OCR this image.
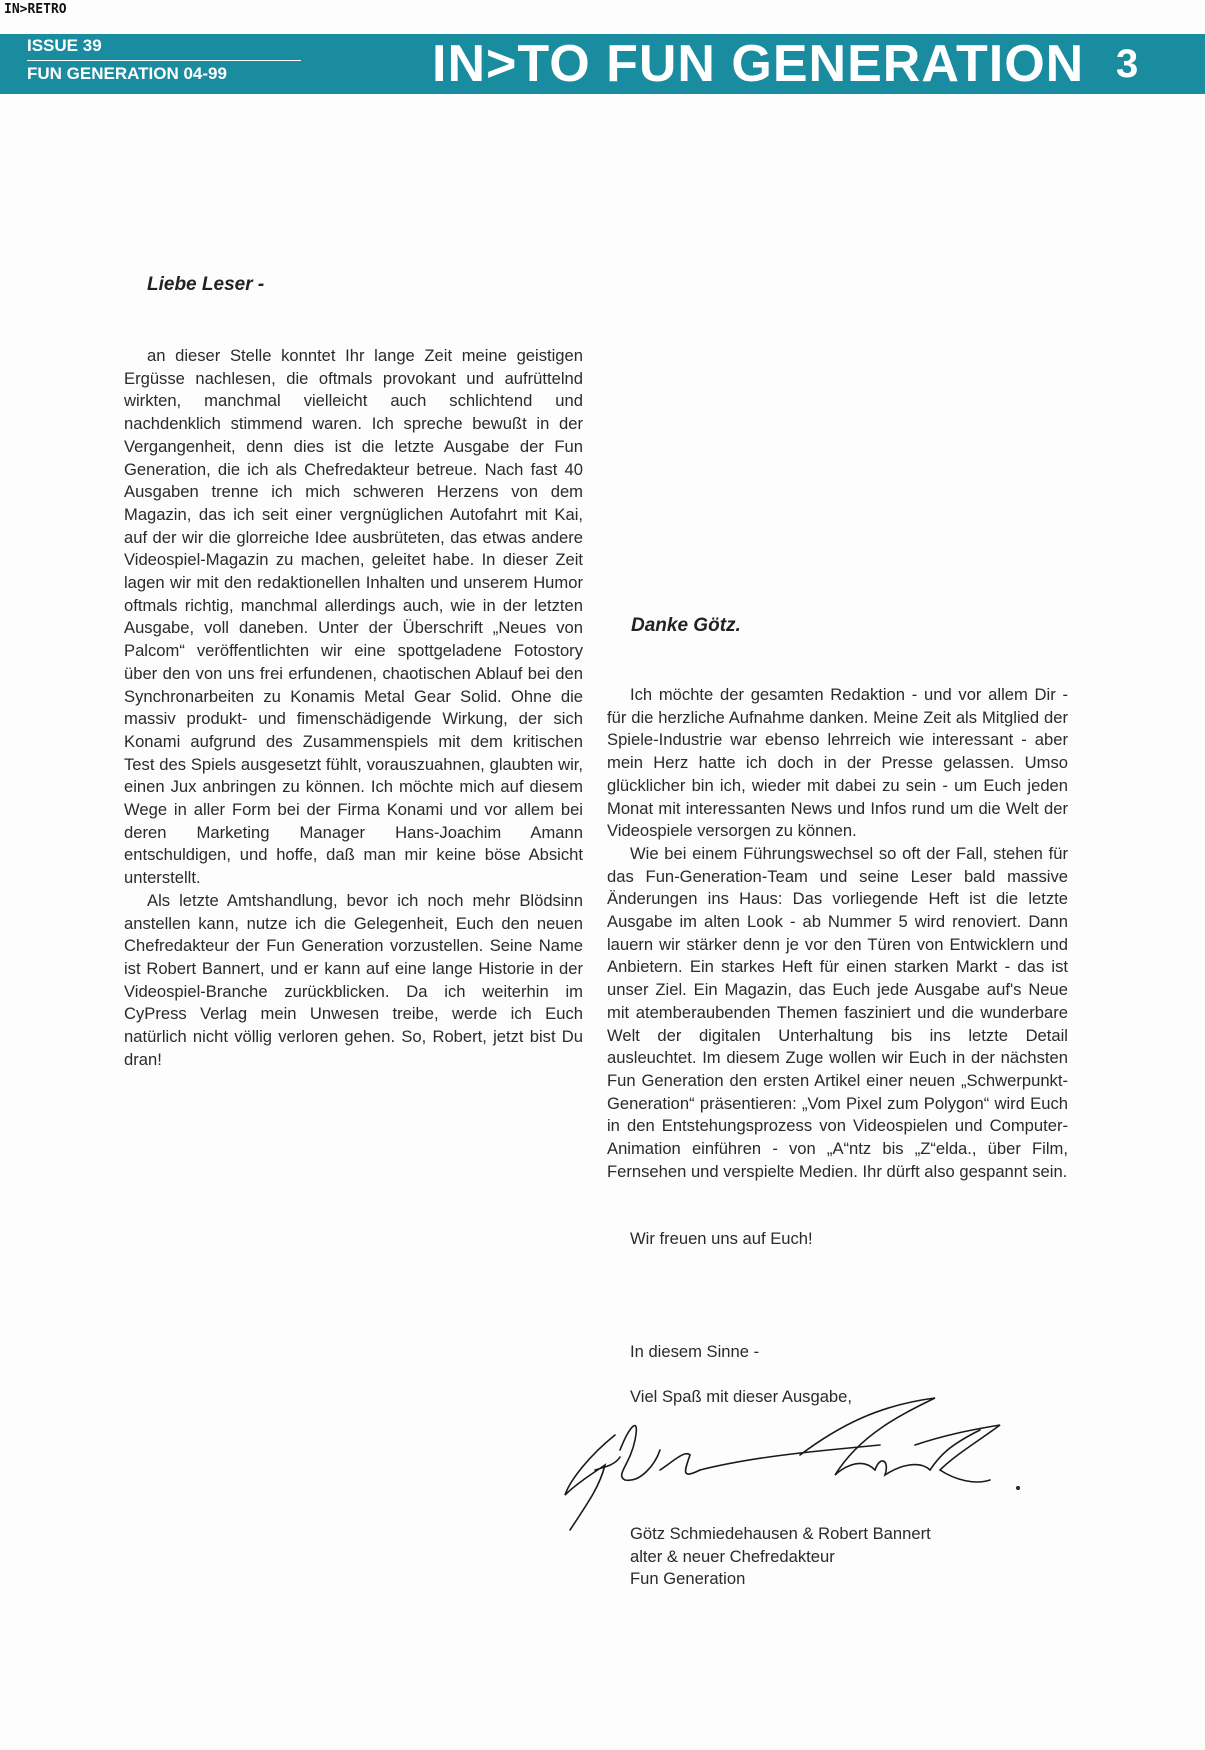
IN>RETRO
ISSUE 39
FUN GENERATION 04-99	IN>TO FUN GENERATION 3
Liebe Leser -

an dieser Stelle konntet Ihr lange Zeit meine geistigen Ergüsse nachlesen, die oftmals provokant und aufrüttelnd wirkten, manchmal vielleicht auch schlichtend und nachdenklich stimmend waren. Ich spreche bewußt in der Vergangenheit, denn dies ist die letzte Ausgabe der Fun Generation, die ich als Chefredakteur betreue. Nach fast 40 Ausgaben trenne ich mich schweren Herzens von dem Magazin, das ich seit einer vergnüglichen Autofahrt mit Kai, auf der wir die glorreiche Idee ausbrüteten, das etwas andere Videospiel-Magazin zu machen, geleitet habe. In dieser Zeit lagen wir mit den redaktionellen Inhalten und unserem Humor oftmals richtig, manchmal allerdings auch, wie in der letzten Ausgabe, voll daneben. Unter der Überschrift „Neues von Palcom“ veröffentlichten wir eine spottgeladene Fotostory über den von uns frei erfundenen, chaotischen Ablauf bei den Synchronarbeiten zu Konamis Metal Gear Solid. Ohne die massiv produkt- und fimenschädigende Wirkung, der sich Konami aufgrund des Zusammenspiels mit dem kritischen Test des Spiels ausgesetzt fühlt, vorauszuahnen, glaubten wir, einen Jux anbringen zu können. Ich möchte mich auf diesem Wege in aller Form bei der Firma Konami und vor allem bei deren Marketing Manager Hans-Joachim Amann entschuldigen, und hoffe, daß man mir keine böse Absicht unterstellt.

Als letzte Amtshandlung, bevor ich noch mehr Blödsinn anstellen kann, nutze ich die Gelegenheit, Euch den neuen Chefredakteur der Fun Generation vorzustellen. Seine Name ist Robert Bannert, und er kann auf eine lange Historie in der Videospiel-Branche zurückblicken. Da ich weiterhin im CyPress Verlag mein Unwesen treibe, werde ich Euch natürlich nicht völlig verloren gehen. So, Robert, jetzt bist Du dran!

Danke Götz.

Ich möchte der gesamten Redaktion - und vor allem Dir - für die herzliche Aufnahme danken. Meine Zeit als Mitglied der Spiele-Industrie war ebenso lehrreich wie interessant - aber mein Herz hatte ich doch in der Presse gelassen. Umso glücklicher bin ich, wieder mit dabei zu sein - um Euch jeden Monat mit interessanten News und Infos rund um die Welt der Videospiele versorgen zu können.

Wie bei einem Führungswechsel so oft der Fall, stehen für das Fun-Generation-Team und seine Leser bald massive Änderungen ins Haus: Das vorliegende Heft ist die letzte Ausgabe im alten Look - ab Nummer 5 wird renoviert. Dann lauern wir stärker denn je vor den Türen von Entwicklern und Anbietern. Ein starkes Heft für einen starken Markt - das ist unser Ziel. Ein Magazin, das Euch jede Ausgabe auf's Neue mit atemberaubenden Themen fasziniert und die wunderbare Welt der digitalen Unterhaltung bis ins letzte Detail ausleuchtet. Im diesem Zuge wollen wir Euch in der nächsten Fun Generation den ersten Artikel einer neuen „Schwerpunkt-Generation“ präsentieren: „Vom Pixel zum Polygon“ wird Euch in den Entstehungsprozess von Videospielen und Computer-Animation einführen - von „A“ntz bis „Z“elda., über Film, Fernsehen und verspielte Medien. Ihr dürft also gespannt sein.

Wir freuen uns auf Euch!
In diesem Sinne -
Viel Spaß mit dieser Ausgabe,
Götz Schmiedehausen & Robert Bannert
alter & neuer Chefredakteur
Fun Generation
